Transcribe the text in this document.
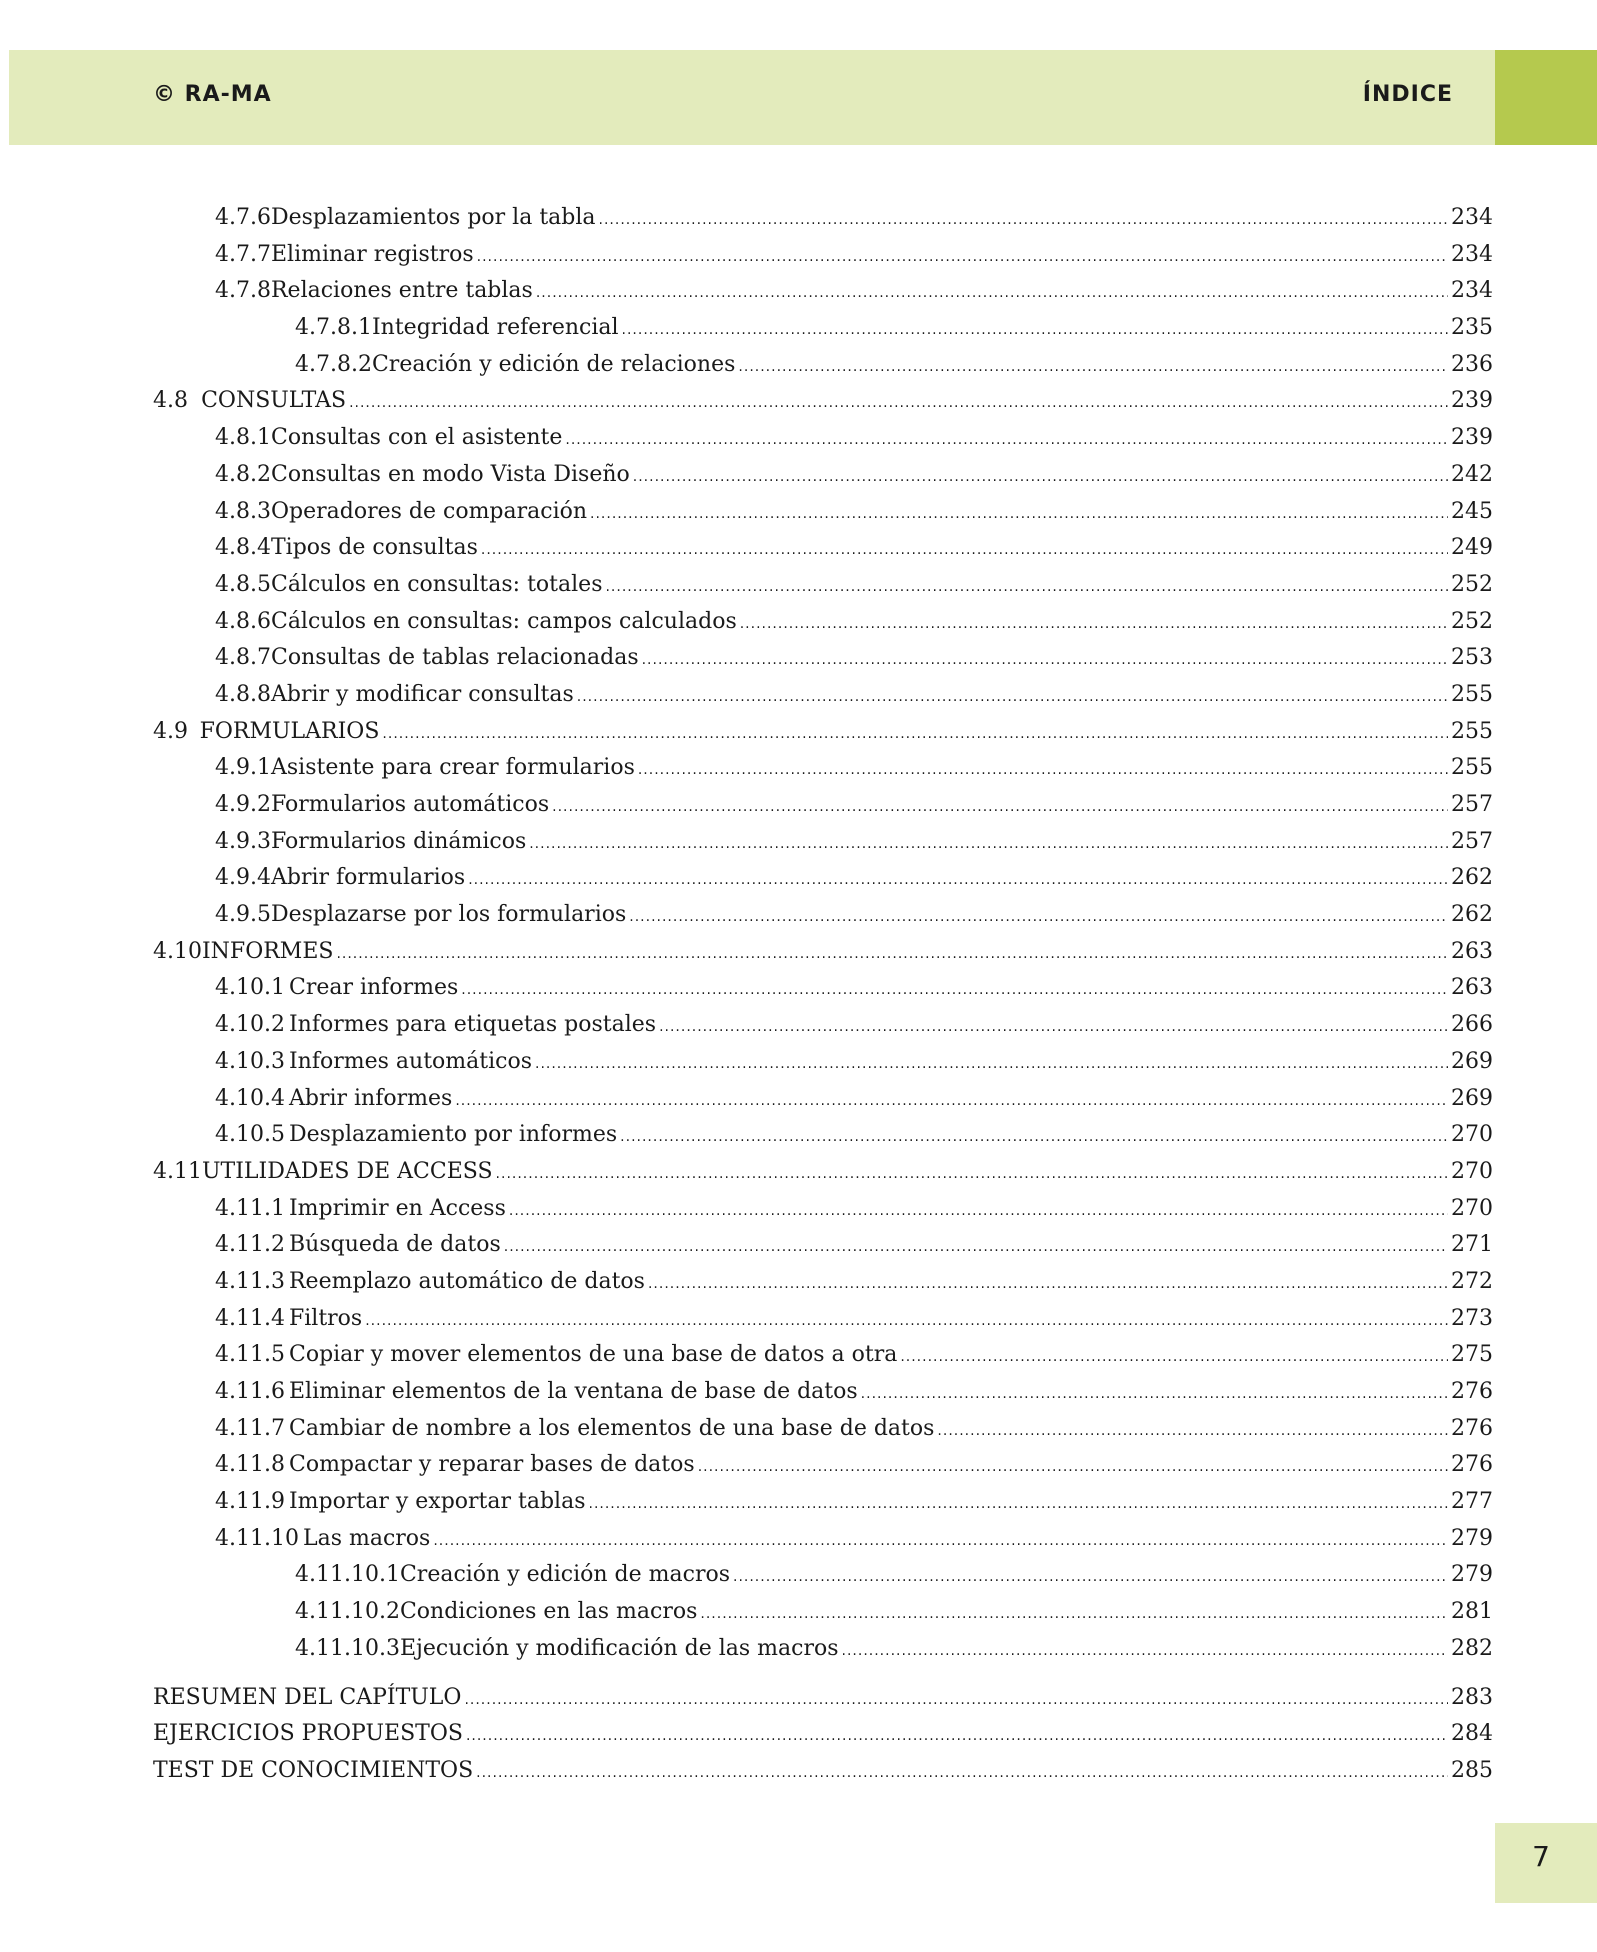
© RA-MA	ÍNDICE
4.7.6 Desplazamientos por la tabla .....	234
4.7.7 Eliminar registros .....	234
4.7.8 Relaciones entre tablas .....	234
4.7.8.1 Integridad referencial .....	235
4.7.8.2 Creación y edición de relaciones .....	236
4.8 CONSULTAS .....	239
4.8.1 Consultas con el asistente .....	239
4.8.2 Consultas en modo Vista Diseño .....	242
4.8.3 Operadores de comparación .....	245
4.8.4 Tipos de consultas .....	249
4.8.5 Cálculos en consultas: totales .....	252
4.8.6 Cálculos en consultas: campos calculados .....	252
4.8.7 Consultas de tablas relacionadas .....	253
4.8.8 Abrir y modificar consultas .....	255
4.9 FORMULARIOS .....	255
4.9.1 Asistente para crear formularios .....	255
4.9.2 Formularios automáticos .....	257
4.9.3 Formularios dinámicos .....	257
4.9.4 Abrir formularios .....	262
4.9.5 Desplazarse por los formularios .....	262
4.10 INFORMES .....	263
4.10.1 Crear informes .....	263
4.10.2 Informes para etiquetas postales .....	266
4.10.3 Informes automáticos .....	269
4.10.4 Abrir informes .....	269
4.10.5 Desplazamiento por informes .....	270
4.11 UTILIDADES DE ACCESS .....	270
4.11.1 Imprimir en Access .....	270
4.11.2 Búsqueda de datos .....	271
4.11.3 Reemplazo automático de datos .....	272
4.11.4 Filtros .....	273
4.11.5 Copiar y mover elementos de una base de datos a otra .....	275
4.11.6 Eliminar elementos de la ventana de base de datos .....	276
4.11.7 Cambiar de nombre a los elementos de una base de datos .....	276
4.11.8 Compactar y reparar bases de datos .....	276
4.11.9 Importar y exportar tablas .....	277
4.11.10 Las macros .....	279
4.11.10.1 Creación y edición de macros .....	279
4.11.10.2 Condiciones en las macros .....	281
4.11.10.3 Ejecución y modificación de las macros .....	282
RESUMEN DEL CAPÍTULO .....	283
EJERCICIOS PROPUESTOS .....	284
TEST DE CONOCIMIENTOS .....	285
7
